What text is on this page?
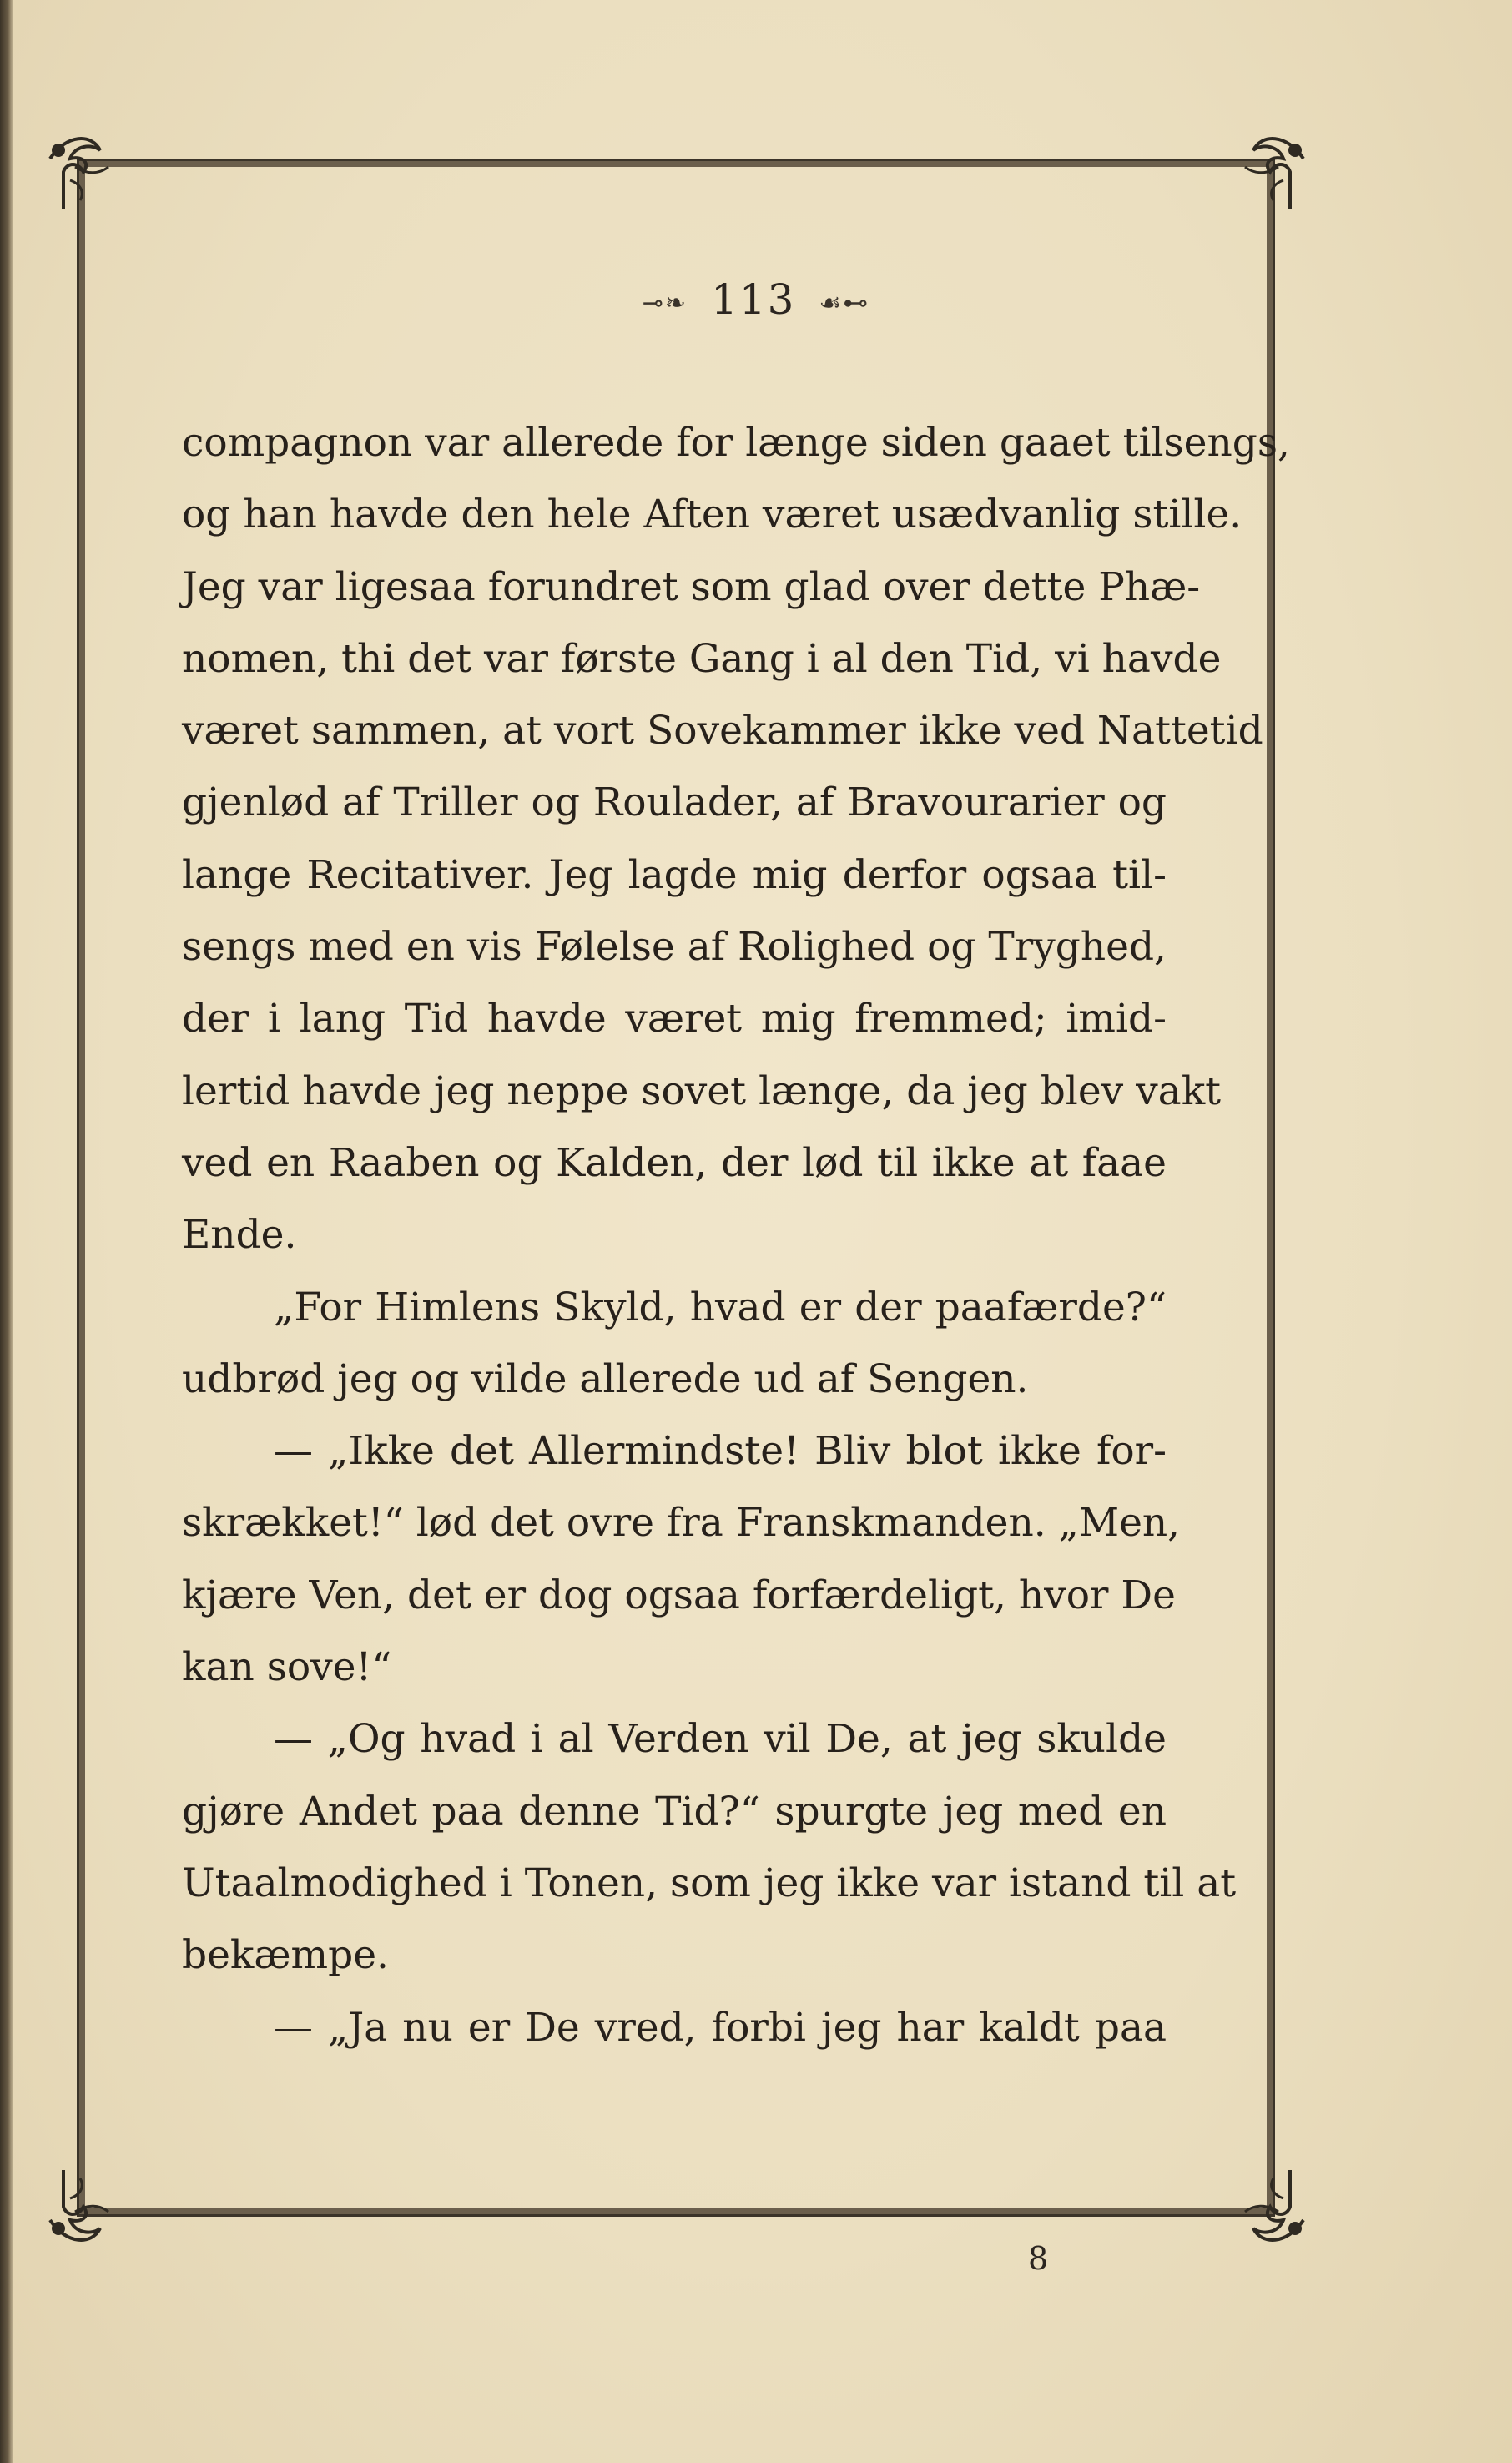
⊸❧ 113 ☙⊷
compagnon var allerede for længe siden gaaet tilsengs,
og han havde den hele Aften været usædvanlig stille.
Jeg var ligesaa forundret som glad over dette Phæ-
nomen, thi det var første Gang i al den Tid, vi havde
været sammen, at vort Sovekammer ikke ved Nattetid
gjenlød af Triller og Roulader, af Bravourarier og
lange Recitativer. Jeg lagde mig derfor ogsaa til-
sengs med en vis Følelse af Rolighed og Tryghed,
der i lang Tid havde været mig fremmed; imid-
lertid havde jeg neppe sovet længe, da jeg blev vakt
ved en Raaben og Kalden, der lød til ikke at faae
Ende.
„For Himlens Skyld, hvad er der paafærde?“
udbrød jeg og vilde allerede ud af Sengen.
— „Ikke det Allermindste! Bliv blot ikke for-
skrækket!“ lød det ovre fra Franskmanden. „Men,
kjære Ven, det er dog ogsaa forfærdeligt, hvor De
kan sove!“
— „Og hvad i al Verden vil De, at jeg skulde
gjøre Andet paa denne Tid?“ spurgte jeg med en
Utaalmodighed i Tonen, som jeg ikke var istand til at
bekæmpe.
— „Ja nu er De vred, forbi jeg har kaldt paa
8
